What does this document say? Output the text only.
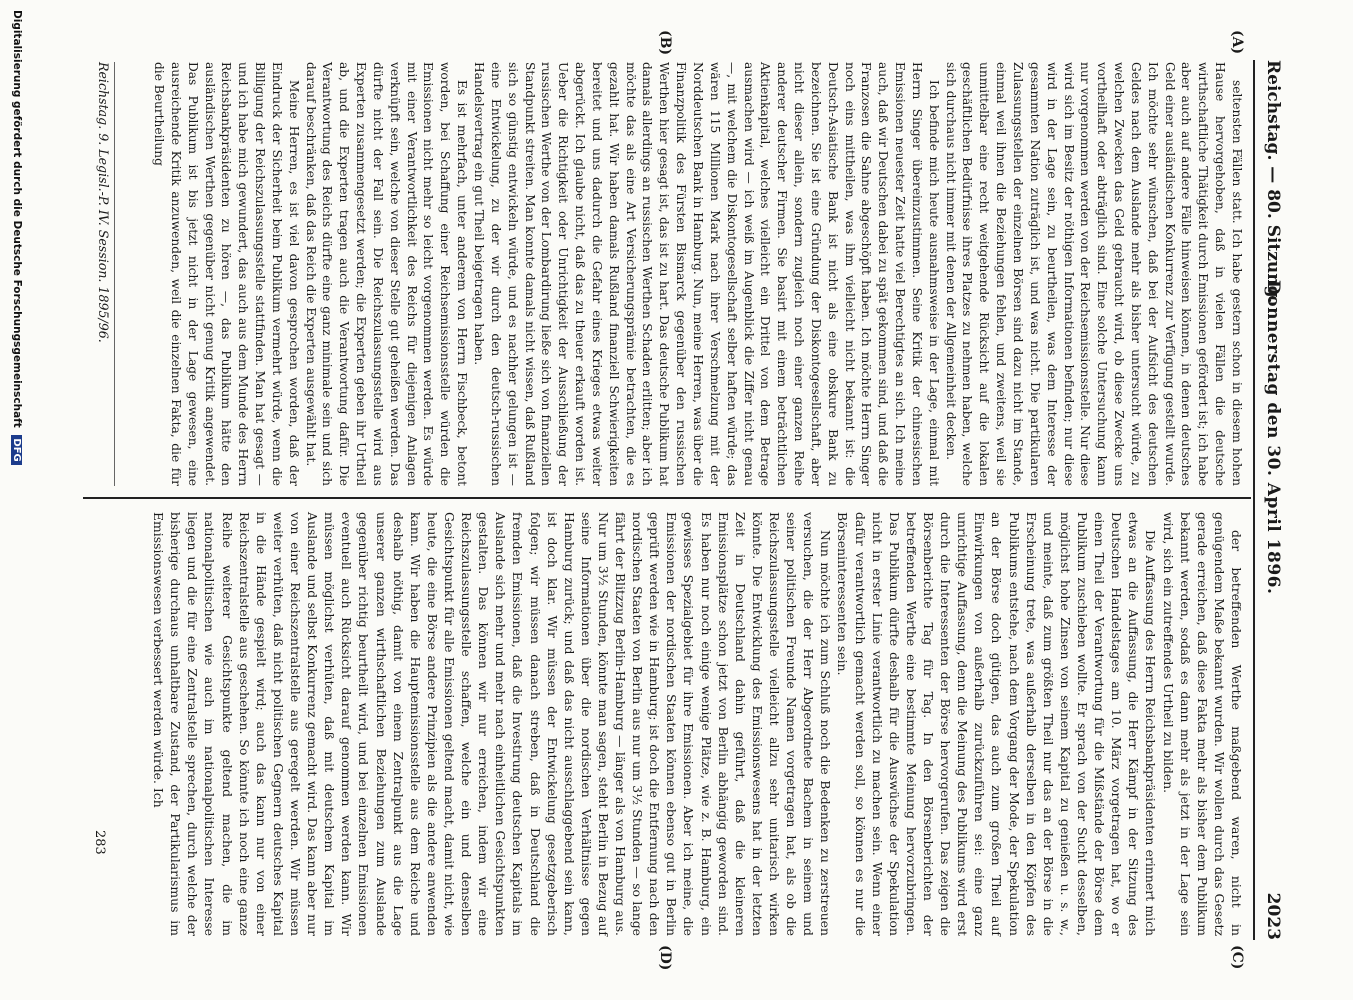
Reichstag. — 80. Sitzung.
Donnerstag den 30. April 1896.
2023
(A)
(B)
(C)
(D)

seltensten Fällen statt. Ich habe gestern schon in diesem hohen Hause hervorgehoben, daß in vielen Fällen die deutsche wirthschaftliche Thätigkeit durch Emissionen gefördert ist; ich habe aber auch auf andere Fälle hinweisen können, in denen deutsches Geld einer ausländischen Konkurrenz zur Verfügung gestellt wurde. Ich möchte sehr wünschen, daß bei der Aufsicht des deutschen Geldes nach dem Auslande mehr als bisher untersucht würde, zu welchen Zwecken das Geld gebraucht wird, ob diese Zwecke uns vortheilhaft oder abträglich sind. Eine solche Untersuchung kann nur vorgenommen werden von der Reichsemissionsstelle. Nur diese wird sich im Besitz der nöthigen Informationen befinden; nur diese wird in der Lage sein, zu beurtheilen, was dem Interesse der gesammten Nation zuträglich ist, und was nicht. Die partikularen Zulassungsstellen der einzelnen Börsen sind dazu nicht im Stande, einmal weil ihnen die Beziehungen fehlen, und zweitens, weil sie unmittelbar eine recht weitgehende Rücksicht auf die lokalen geschäftlichen Bedürfnisse ihres Platzes zu nehmen haben, welche sich durchaus nicht immer mit denen der Allgemeinheit decken.

Ich befinde mich heute ausnahmsweise in der Lage, einmal mit Herrn Singer übereinzustimmen. Seine Kritik der chinesischen Emissionen neuester Zeit hatte viel Berechtigtes an sich. Ich meine auch, daß wir Deutschen dabei zu spät gekommen sind, und daß die Franzosen die Sahne abgeschöpft haben. Ich möchte Herrn Singer noch eins mittheilen, was ihm vielleicht nicht bekannt ist: die Deutsch-Asiatische Bank ist nicht als eine obskure Bank zu bezeichnen. Sie ist eine Gründung der Diskontogesellschaft, aber nicht dieser allein, sondern zugleich noch einer ganzen Reihe anderer deutscher Firmen. Sie basirt mit einem beträchtlichen Aktienkapital, welches vielleicht ein Drittel von dem Betrage ausmachen wird — ich weiß im Augenblick die Ziffer nicht genau —, mit welchem die Diskontogesellschaft selber haften würde; das wären 115 Millionen Mark nach ihrer Verschmelzung mit der Norddeutschen Bank in Hamburg. Nun, meine Herren, was über die Finanzpolitik des Fürsten Bismarck gegenüber den russischen Werthen hier gesagt ist, das ist zu hart. Das deutsche Publikum hat damals allerdings an russischen Werthen Schaden erlitten; aber ich möchte das als eine Art Versicherungsprämie betrachten, die es gezahlt hat. Wir haben damals Rußland finanziell Schwierigkeiten bereitet und uns dadurch die Gefahr eines Krieges etwas weiter abgerückt. Ich glaube nicht, daß das zu theuer erkauft worden ist. Ueber die Richtigkeit oder Unrichtigkeit der Ausschließung der russischen Werthe von der Lombardirung ließe sich von finanziellen Standpunkt streiten. Man konnte damals nicht wissen, daß Rußland sich so günstig entwickeln würde, und es nachher gelungen ist — eine Entwickelung, zu der wir durch den deutsch-russischen Handelsvertrag ein gut Theil beigetragen haben.

Es ist mehrfach, unter anderem von Herrn Fischbeck, betont worden, bei Schaffung einer Reichsemissionsstelle würden die Emissionen nicht mehr so leicht vorgenommen werden. Es würde mit einer Verantwortlichkeit des Reichs für diejenigen Anlagen verknüpft sein, welche von dieser Stelle gut geheißen werden. Das dürfte nicht der Fall sein. Die Reichszulassungsstelle wird aus Experten zusammengesetzt werden; die Experten geben ihr Urtheil ab, und die Experten tragen auch die Verantwortung dafür. Die Verantwortung des Reichs dürfte eine ganz minimale sein und sich darauf beschränken, daß das Reich die Experten ausgewählt hat.

Meine Herren, es ist viel davon gesprochen worden, daß der Eindruck der Sicherheit beim Publikum vermehrt würde, wenn die Billigung der Reichszulassungsstelle stattfinden. Man hat gesagt — und ich habe mich gewundert, das auch aus dem Munde des Herrn Reichsbankpräsidenten zu hören —, das Publikum hätte den ausländischen Werthen gegenüber nicht genug Kritik angewendet. Das Publikum ist bis jetzt nicht in der Lage gewesen, eine ausreichende Kritik anzuwenden, weil die einzelnen Fakta, die für die Beurtheilung

der betreffenden Werthe maßgebend waren, nicht in genügendem Maße bekannt wurden. Wir wollen durch das Gesetz gerade erreichen, daß diese Fakta mehr als bisher dem Publikum bekannt werden, sodaß es dann mehr als jetzt in der Lage sein wird, sich ein zutreffendes Urtheil zu bilden.

Die Auffassung des Herrn Reichsbankpräsidenten erinnert mich etwas an die Auffassung, die Herr Kämpf in der Sitzung des Deutschen Handelstages am 10. März vorgetragen hat, wo er einen Theil der Verantwortung für die Mißstände der Börse dem Publikum zuschieben wollte. Er sprach von der Sucht desselben, möglichst hohe Zinsen von seinem Kapital zu genießen u. s. w., und meinte, daß zum größten Theil nur das an der Börse in die Erscheinung trete, was außerhalb derselben in den Köpfen des Publikums entstehe, nach dem Vorgang der Mode, der Spekulation an der Börse doch gütigen, das auch zum großen Theil auf Einwirkungen von außerhalb zurückzuführen sei: eine ganz unrichtige Auffassung, denn die Meinung des Publikums wird erst durch die Interessenten der Börse hervorgerufen. Das zeigen die Börsenberichte Tag für Tag. In den Börsenberichten der betreffenden Werthe eine bestimmte Meinung hervorzubringen. Das Publikum dürfte deshalb für die Auswüchse der Spekulation nicht in erster Linie verantwortlich zu machen sein. Wenn einer dafür verantwortlich gemacht werden soll, so können es nur die Börseninteressenten sein.

Nun möchte ich zum Schluß noch die Bedenken zu zerstreuen versuchen, die der Herr Abgeordnete Bachem in seinem und seiner politischen Freunde Namen vorgetragen hat, als ob die Reichszulassungsstelle vielleicht allzu sehr unitarisch wirken könnte. Die Entwicklung des Emissionswesens hat in der letzten Zeit in Deutschland dahin geführt, daß die kleineren Emissionsplätze schon jetzt von Berlin abhängig geworden sind. Es haben nur noch einige wenige Plätze, wie z. B. Hamburg, ein gewisses Spezialgebiet für ihre Emissionen. Aber ich meine, die Emissionen der nordischen Staaten können ebenso gut in Berlin geprüft werden wie in Hamburg; ist doch die Entfernung nach den nordischen Staaten von Berlin aus nur um 3½ Stunden — so lange fährt der Blitzzug Berlin-Hamburg — länger als von Hamburg aus. Nur um 3½ Stunden, könnte man sagen, steht Berlin in Bezug auf seine Informationen über die nordischen Verhältnisse gegen Hamburg zurück; und daß das nicht ausschlaggebend sein kann, ist doch klar. Wir müssen der Entwickelung gesetzgeberisch folgen; wir müssen danach streben, daß in Deutschland die fremden Emissionen, daß die Investirung deutschen Kapitals im Auslande sich mehr und mehr nach einheitlichen Gesichtspunkten gestalten. Das können wir nur erreichen, indem wir eine Reichszulassungsstelle schaffen, welche ein und denselben Gesichtspunkt für alle Emissionen geltend macht, damit nicht, wie heute, die eine Börse andere Prinzipien als die andere anwenden kann. Wir haben die Hauptemissionsstelle aus dem Reiche und deshalb nöthig, damit von einem Zentralpunkt aus die Lage unserer ganzen wirthschaftlichen Beziehungen zum Auslande gegenüber richtig beurtheilt wird, und bei einzelnen Emissionen eventuell auch Rücksicht darauf genommen werden kann. Wir müssen möglichst verhüten, daß mit deutschem Kapital im Auslande und selbst Konkurrenz gemacht wird. Das kann aber nur von einer Reichszentralstelle aus geregelt werden. Wir müssen weiter verhüten, daß nicht politischen Gegnern deutsches Kapital in die Hände gespielt wird; auch das kann nur von einer Reichszentralstelle aus geschehen. So könnte ich noch eine ganze Reihe weiterer Gesichtspunkte geltend machen, die im nationalpolitischen wie auch im nationalpolitischen Interesse liegen und die für eine Zentralstelle sprechen, durch welche der bisherige durchaus unhaltbare Zustand, der Partikularismus im Emissionswesen verbessert werden würde. Ich

Reichstag. 9. Legisl.-P. IV. Session. 1895/96.
283
Digitalisierung gefördert durch die Deutsche Forschungsgemeinschaft DFG
